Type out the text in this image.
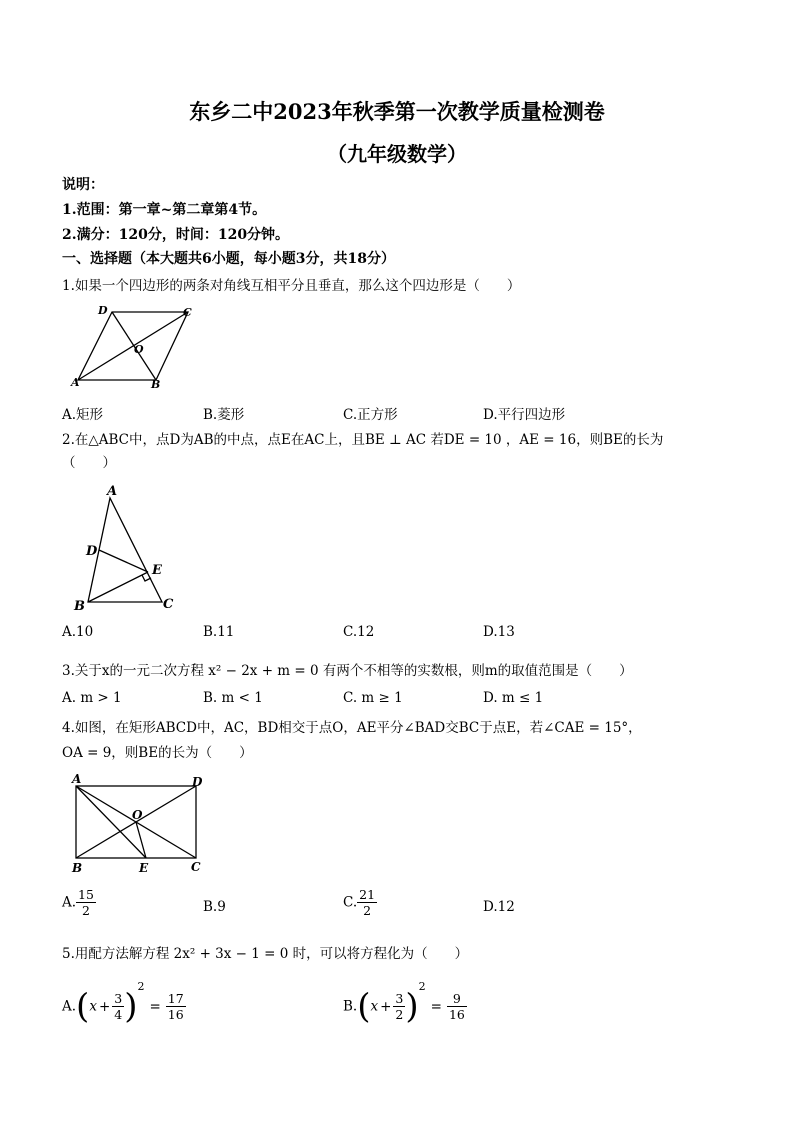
东乡二中2023年秋季第一次教学质量检测卷
（九年级数学）
说明：
1.范围：第一章~第二章第4节。
2.满分：120分，时间：120分钟。
一、选择题（本大题共6小题，每小题3分，共18分）
1.如果一个四边形的两条对角线互相平分且垂直，那么这个四边形是（　　）
D	C
O
A	B
A.矩形	B.菱形	C.正方形	D.平行四边形
2.在△ABC中，点D为AB的中点，点E在AC上，且BE ⊥ AC 若DE = 10 ，AE = 16，则BE的长为
（　　）
A
D
E
B	C
A.10	B.11	C.12	D.13
3.关于x的一元二次方程 x² − 2x + m = 0 有两个不相等的实数根，则m的取值范围是（　　）
A. m > 1	B. m < 1	C. m ≥ 1	D. m ≤ 1
4.如图，在矩形ABCD中，AC，BD相交于点O，AE平分∠BAD交BC于点E，若∠CAE = 15°，
OA = 9，则BE的长为（　　）
A	D
O
B	E	C
A. $\frac{15}{2}$	B.9	C. $\frac{21}{2}$	D.12
5.用配方法解方程 2x² + 3x − 1 = 0 时，可以将方程化为（　　）
$A.(x + \frac{3}{4} )^2= \frac{17}{16}$	$B.(x + \frac{3}{2} )^2= \frac{9}{16}$
